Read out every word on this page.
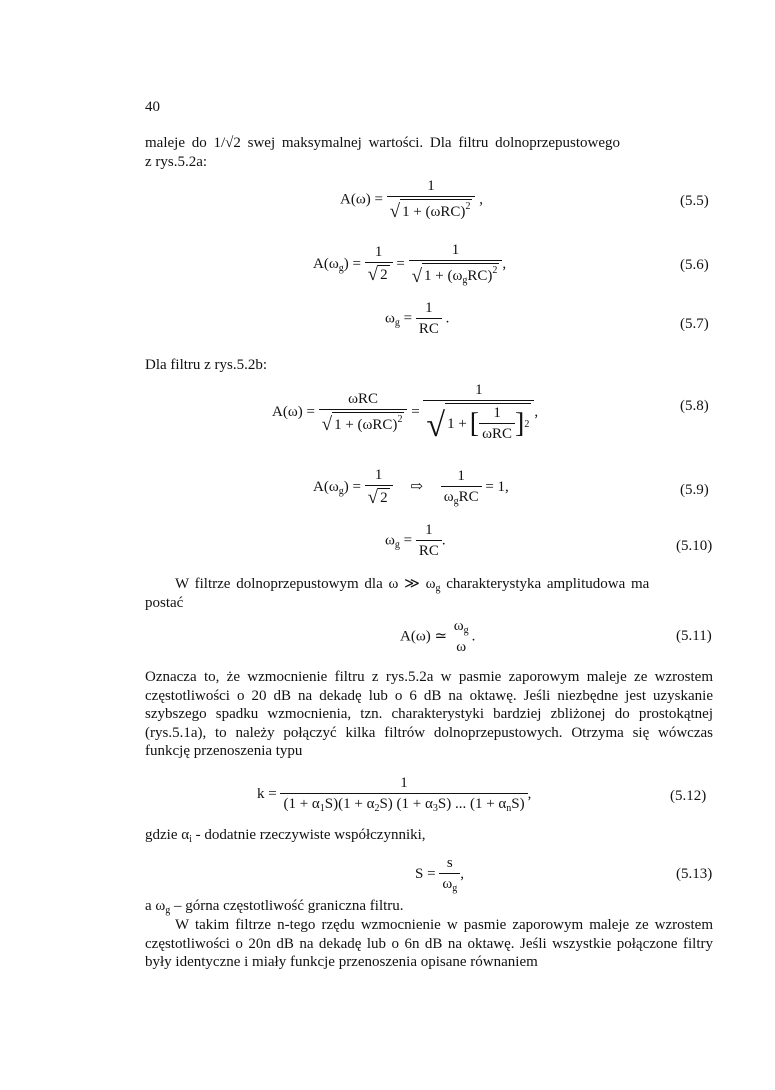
40
maleje do 1/√2 swej maksymalnej wartości. Dla filtru dolnoprzepustowego
z rys.5.2a:
$A(\omega) = \frac{1}{√ 1 + (\omega RC)^2}$ ,	(5.5)
$A(\omega_g) = \frac{1}{√ 2} = \frac{1}{√ 1 + (\omega_gRC)^2}$ ,	(5.6)
$\omega_g = \frac{1}{RC}$ .	(5.7)
Dla filtru z rys.5.2b:
$A(\omega) = \frac{\text{ωRC}}{√ 1 + (\omega RC)^2}$ =
1
√ 1 + [ $\frac{1}{\text{ωRC}}$ ] 2
,	(5.8)
$A(\omega_g) = \frac{1}{√ 2}$ ⇨ $\frac{1}{\omega_gRC} = 1$,	(5.9)
$\omega_g = \frac{1}{RC}$ .	(5.10)
W filtrze dolnoprzepustowym dla ω ≫ $\omega_g$ charakterystyka amplitudowa ma
postać
A(ω) ≃
$\omega_g$
ω
.	(5.11)
Oznacza to, że wzmocnienie filtru z rys.5.2a w pasmie zaporowym maleje ze wzrostem częstotliwości o 20 dB na dekadę lub o 6 dB na oktawę. Jeśli niezbędne jest uzyskanie szybszego spadku wzmocnienia, tzn. charakterystyki bardziej zbliżonej do prostokątnej (rys.5.1a), to należy połączyć kilka filtrów dolnoprzepustowych. Otrzyma się wówczas funkcję przenoszenia typu
$k = \frac{1}{(1 + \alpha_1S)(1 + \alpha_2S) (1 + \alpha_3S) ... (1 + \alpha_nS)}$ ,	(5.12)
gdzie $\alpha_i$ - dodatnie rzeczywiste współczynniki,
$S = \frac{s}{\omega_g}$ ,	(5.13)
a $\omega_g$ – górna częstotliwość graniczna filtru.
W takim filtrze n-tego rzędu wzmocnienie w pasmie zaporowym maleje ze wzrostem częstotliwości o 20n dB na dekadę lub o 6n dB na oktawę. Jeśli wszystkie połączone filtry były identyczne i miały funkcje przenoszenia opisane równaniem
